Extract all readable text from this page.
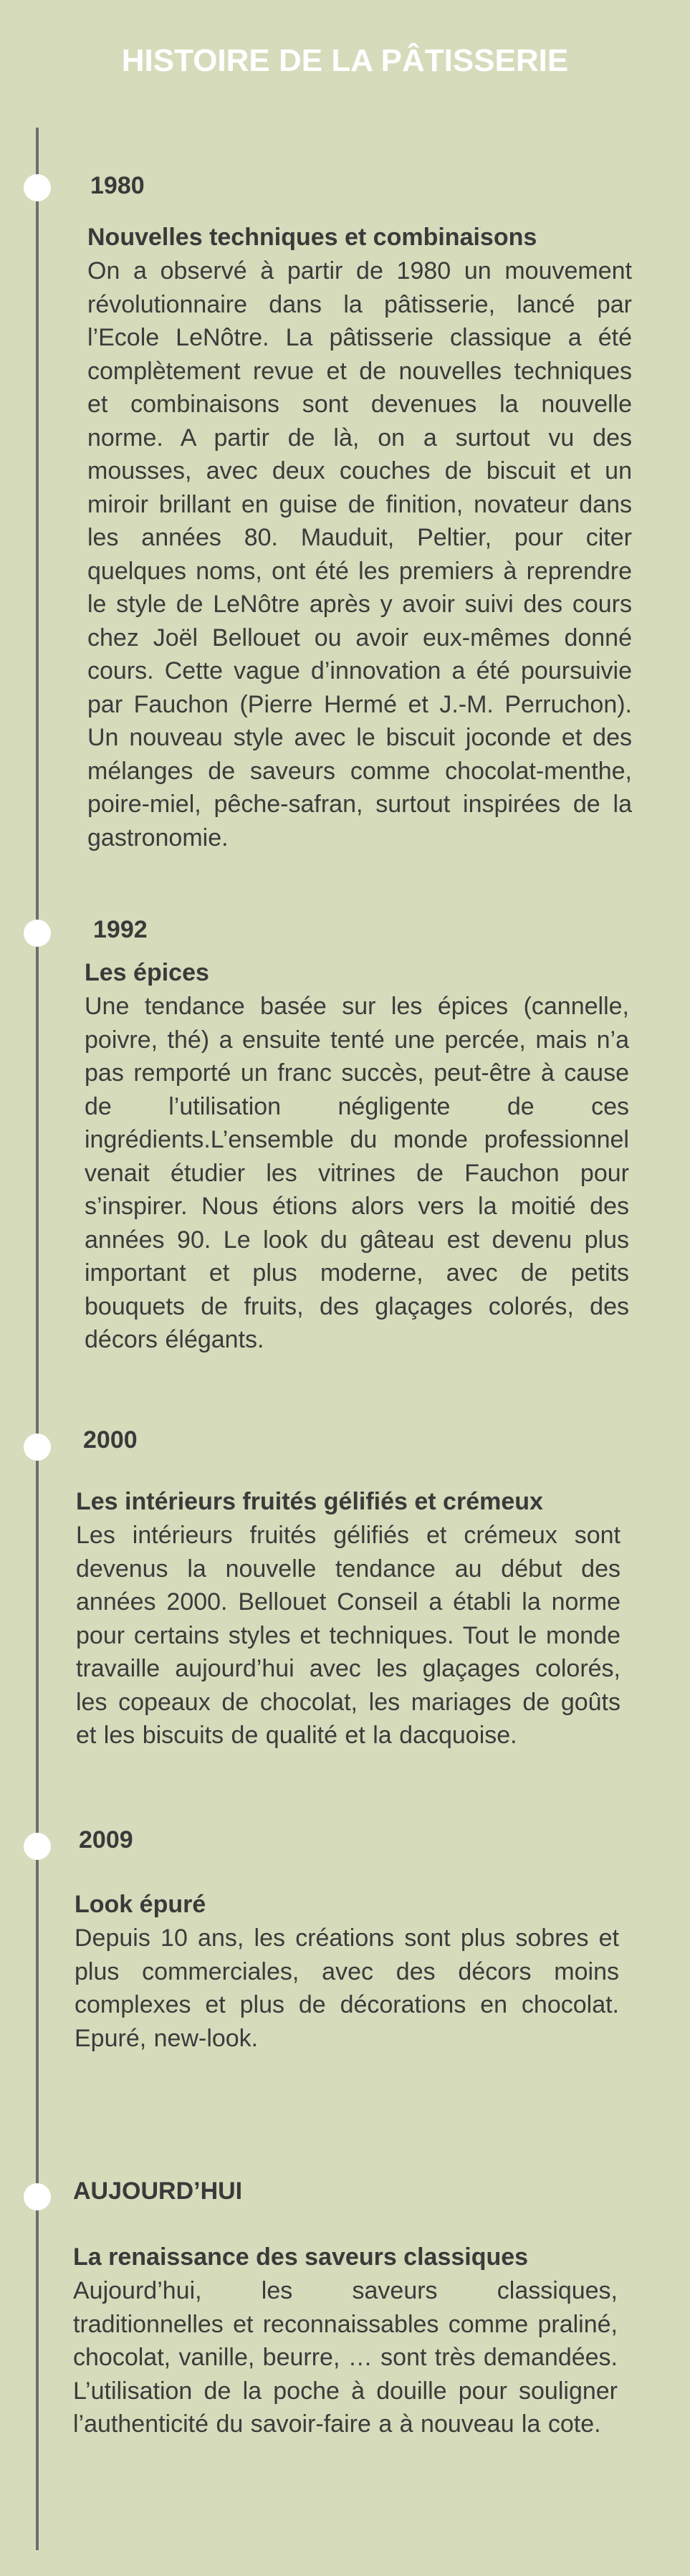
HISTOIRE DE LA PÂTISSERIE
1980
Nouvelles techniques et combinaisons
On a observé à partir de 1980 un mouvement révolutionnaire dans la pâtisserie, lancé par l’Ecole LeNôtre. La pâtisserie classique a été complètement revue et de nouvelles techniques et combinaisons sont devenues la nouvelle norme. A partir de là, on a surtout vu des mousses, avec deux couches de biscuit et un miroir brillant en guise de finition, novateur dans les années 80. Mauduit, Peltier, pour citer quelques noms, ont été les premiers à reprendre le style de LeNôtre après y avoir suivi des cours chez Joël Bellouet ou avoir eux-mêmes donné cours. Cette vague d’innovation a été poursuivie par Fauchon (Pierre Hermé et J.-M. Perruchon). Un nouveau style avec le biscuit joconde et des mélanges de saveurs comme chocolat-menthe, poire-miel, pêche-safran, surtout inspirées de la gastronomie.
1992
Les épices
Une tendance basée sur les épices (cannelle, poivre, thé) a ensuite tenté une percée, mais n’a pas remporté un franc succès, peut-être à cause de l’utilisation négligente de ces ingrédients.L’ensemble du monde professionnel venait étudier les vitrines de Fauchon pour s’inspirer. Nous étions alors vers la moitié des années 90. Le look du gâteau est devenu plus important et plus moderne, avec de petits bouquets de fruits, des glaçages colorés, des décors élégants.
2000
Les intérieurs fruités gélifiés et crémeux
Les intérieurs fruités gélifiés et crémeux sont devenus la nouvelle tendance au début des années 2000. Bellouet Conseil a établi la norme pour certains styles et techniques. Tout le monde travaille aujourd’hui avec les glaçages colorés, les copeaux de chocolat, les mariages de goûts et les biscuits de qualité et la dacquoise.
2009
Look épuré
Depuis 10 ans, les créations sont plus sobres et plus commerciales, avec des décors moins complexes et plus de décorations en chocolat. Epuré, new-look.
AUJOURD’HUI
La renaissance des saveurs classiques
Aujourd’hui, les saveurs classiques, traditionnelles et reconnaissables comme praliné, chocolat, vanille, beurre, … sont très demandées. L’utilisation de la poche à douille pour souligner l’authenticité du savoir-faire a à nouveau la cote.
